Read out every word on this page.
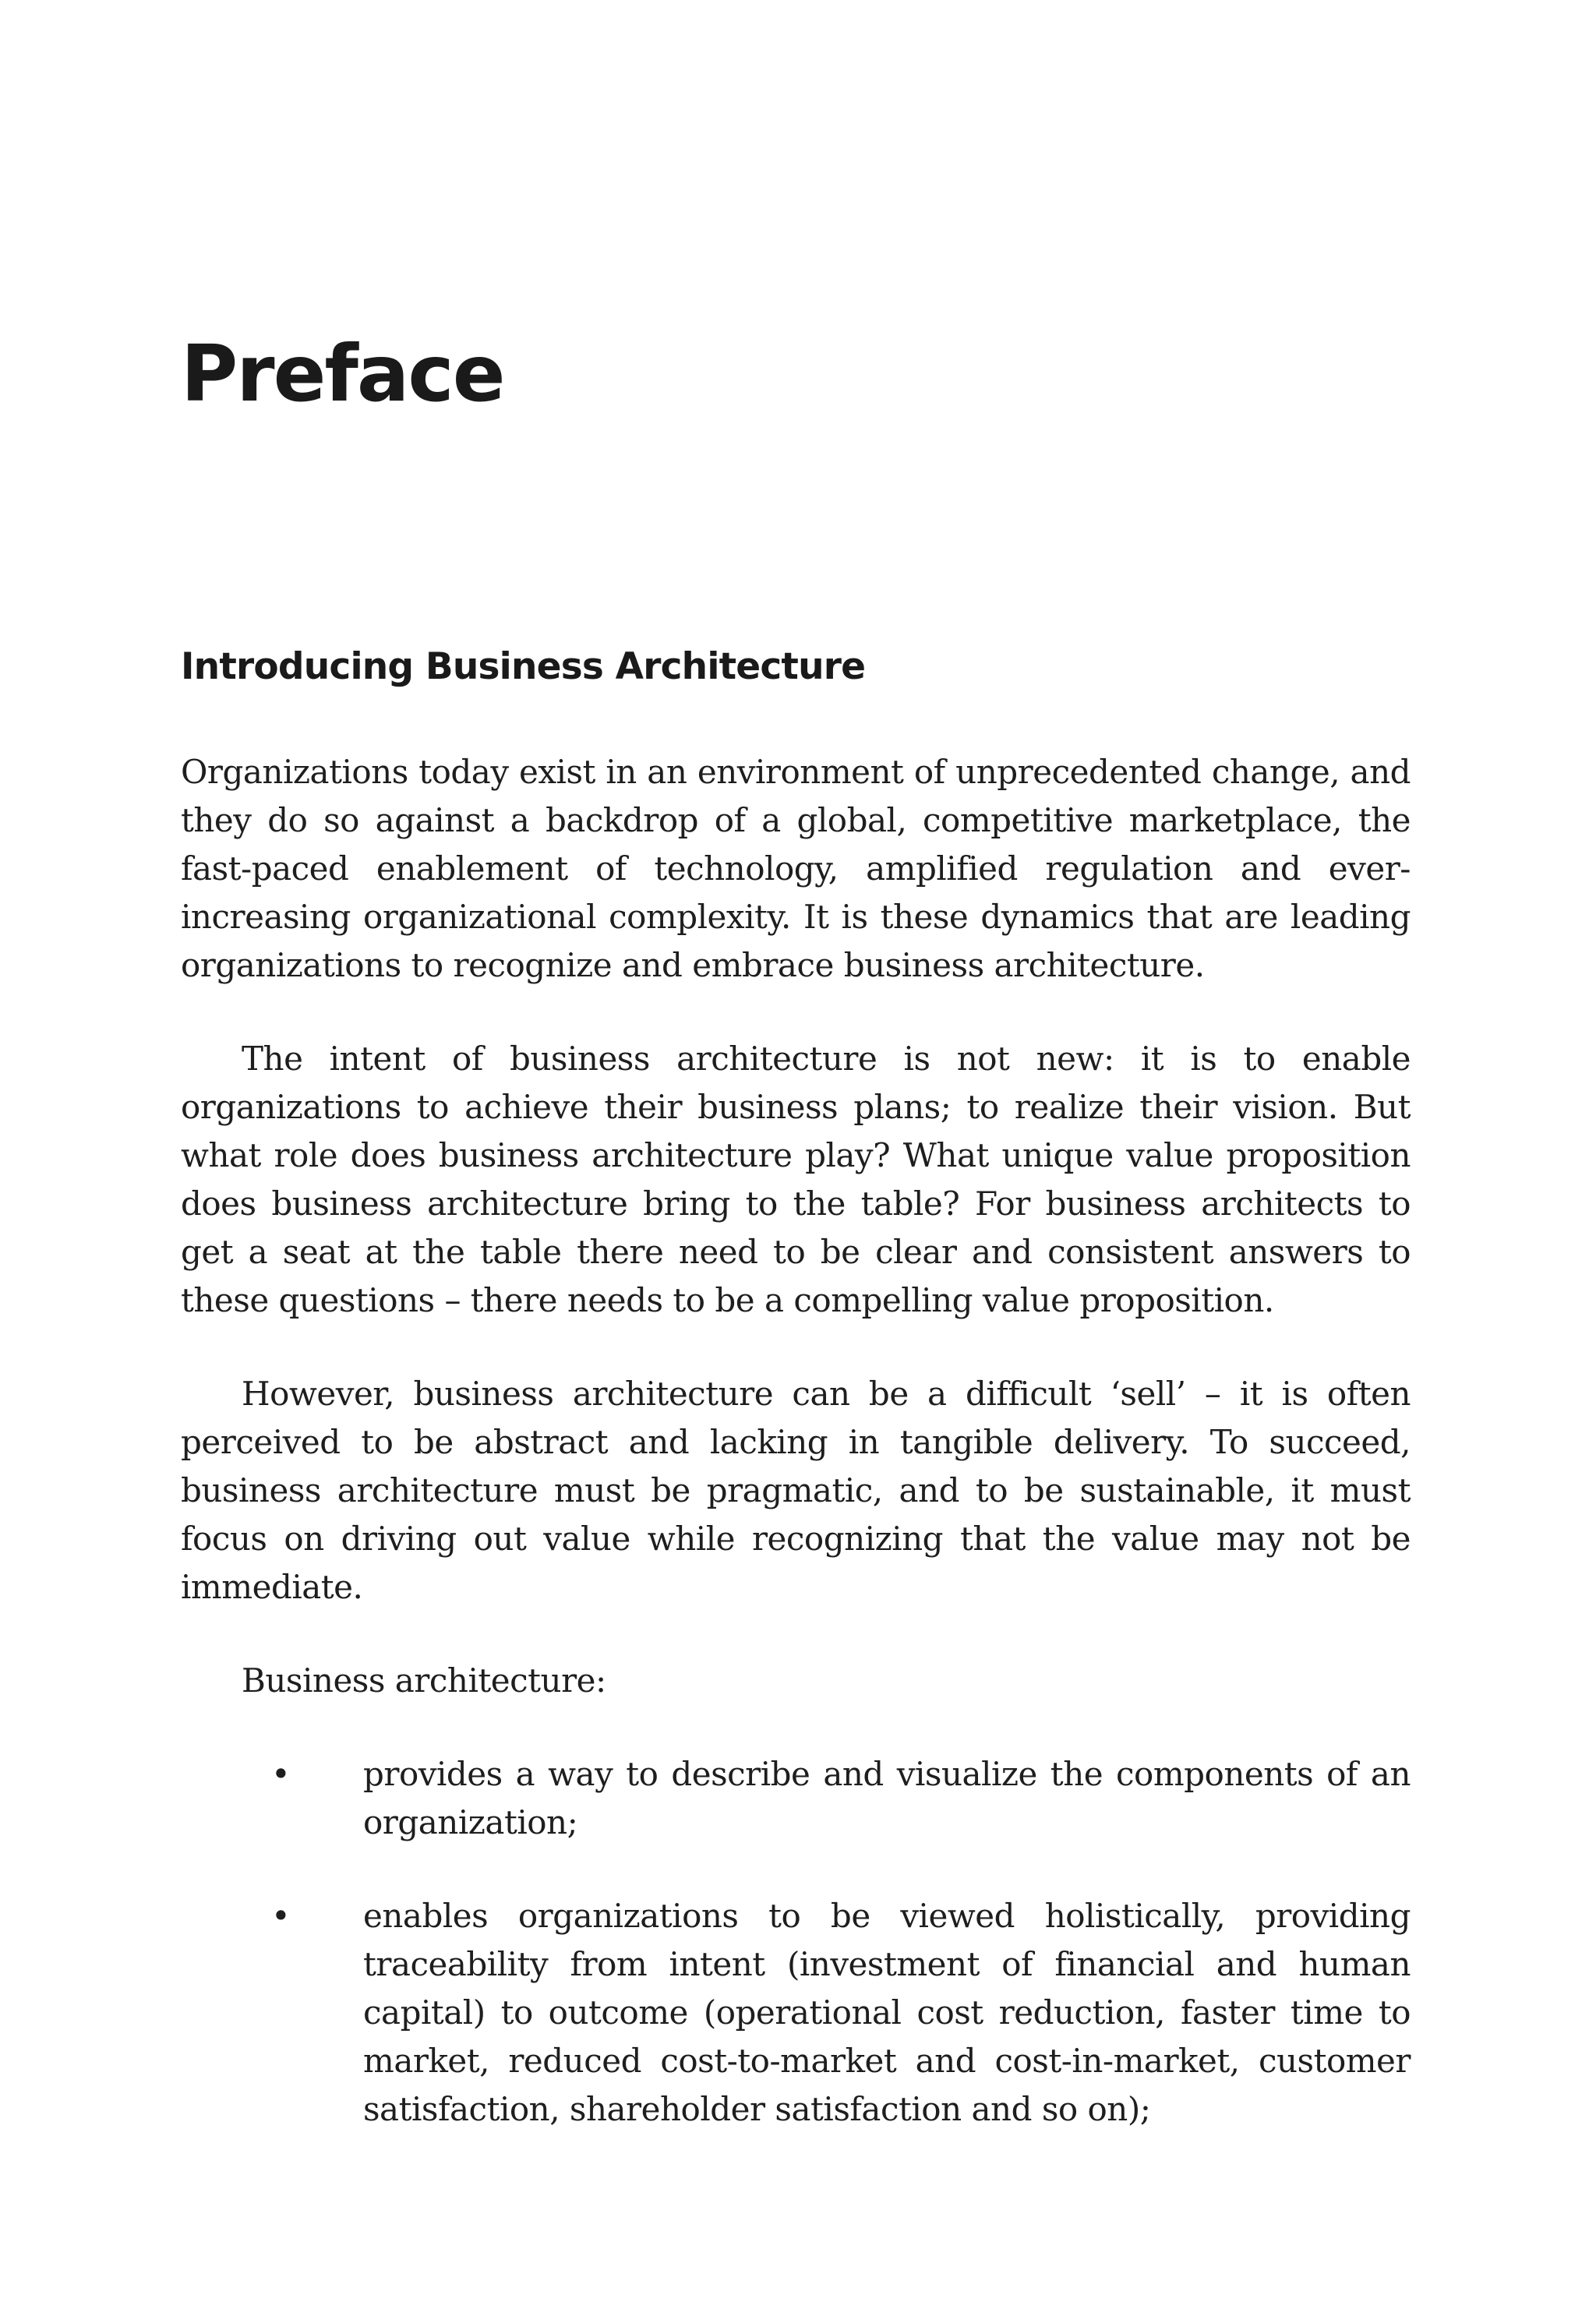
Preface
Introducing Business Architecture

Organizations today exist in an environment of unprecedented change, and they do so against a backdrop of a global, competitive marketplace, the fast-paced enablement of technology, amplified regulation and ever-increasing organizational complexity. It is these dynamics that are leading organizations to recognize and embrace business architecture.

The intent of business architecture is not new: it is to enable organizations to achieve their business plans; to realize their vision. But what role does business architecture play? What unique value proposition does business architecture bring to the table? For business architects to get a seat at the table there need to be clear and consistent answers to these questions – there needs to be a compelling value proposition.

However, business architecture can be a difficult ‘sell’ – it is often perceived to be abstract and lacking in tangible delivery. To succeed, business architecture must be pragmatic, and to be sustainable, it must focus on driving out value while recognizing that the value may not be immediate.

Business architecture:

• provides a way to describe and visualize the components of an organization;
• enables organizations to be viewed holistically, providing traceability from intent (investment of financial and human capital) to outcome (operational cost reduction, faster time to market, reduced cost-to-market and cost-in-market, customer satisfaction, shareholder satisfaction and so on);
